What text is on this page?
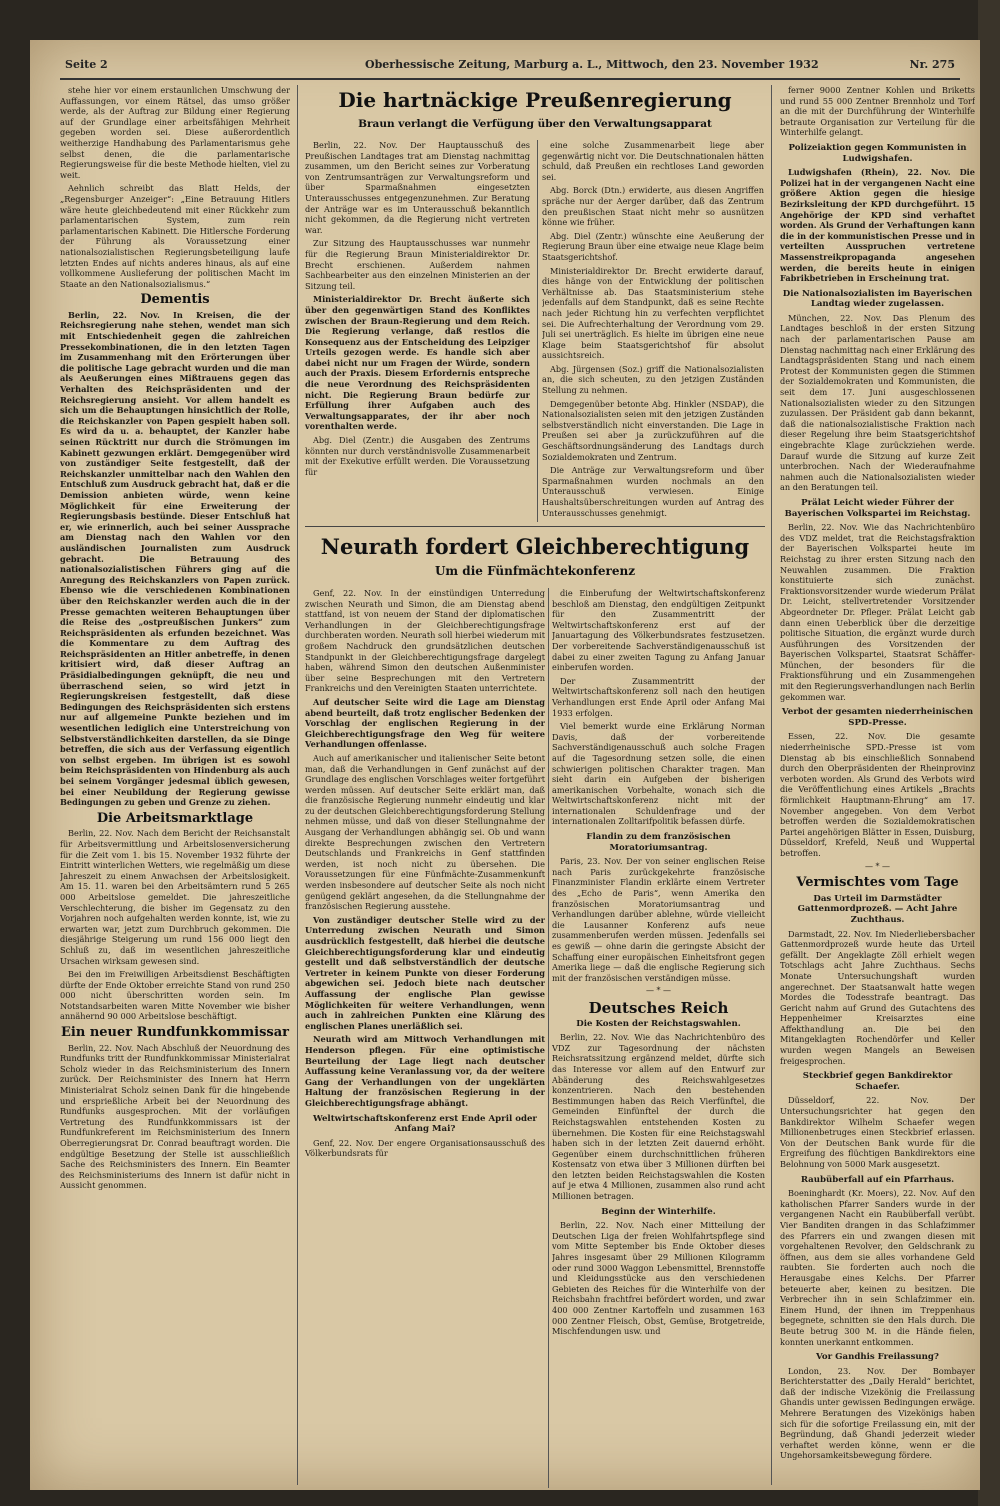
Seite 2	Oberhessische Zeitung, Marburg a. L., Mittwoch, den 23. November 1932	Nr. 275

stehe hier vor einem erstaunlichen Umschwung der Auffassungen, vor einem Rätsel, das umso größer werde, als der Auftrag zur Bildung einer Regierung auf der Grundlage einer arbeitsfähigen Mehrheit gegeben worden sei. Diese außerordentlich weitherzige Handhabung des Parlamentarismus gehe selbst denen, die die parlamentarische Regierungsweise für die beste Methode hielten, viel zu weit.

Aehnlich schreibt das Blatt Helds, der „Regensburger Anzeiger“: „Eine Betrauung Hitlers wäre heute gleichbedeutend mit einer Rückkehr zum parlamentarischen System, zum rein parlamentarischen Kabinett. Die Hitlersche Forderung der Führung als Voraussetzung einer nationalsozialistischen Regierungsbeteiligung laufe letzten Endes auf nichts anderes hinaus, als auf eine vollkommene Auslieferung der politischen Macht im Staate an den Nationalsozialismus.“

Dementis

Berlin, 22. Nov. In Kreisen, die der Reichsregierung nahe stehen, wendet man sich mit Entschiedenheit gegen die zahlreichen Pressekombinationen, die in den letzten Tagen im Zusammenhang mit den Erörterungen über die politische Lage gebracht wurden und die man als Aeußerungen eines Mißtrauens gegen das Verhalten des Reichspräsidenten und der Reichsregierung ansieht. Vor allem handelt es sich um die Behauptungen hinsichtlich der Rolle, die Reichskanzler von Papen gespielt haben soll. Es wird da u. a. behauptet, der Kanzler habe seinen Rücktritt nur durch die Strömungen im Kabinett gezwungen erklärt. Demgegenüber wird von zuständiger Seite festgestellt, daß der Reichskanzler unmittelbar nach den Wahlen den Entschluß zum Ausdruck gebracht hat, daß er die Demission anbieten würde, wenn keine Möglichkeit für eine Erweiterung der Regierungsbasis bestünde. Dieser Entschluß hat er, wie erinnerlich, auch bei seiner Aussprache am Dienstag nach den Wahlen vor den ausländischen Journalisten zum Ausdruck gebracht. Die Betrauung des nationalsozialistischen Führers ging auf die Anregung des Reichskanzlers von Papen zurück. Ebenso wie die verschiedenen Kombinationen über den Reichskanzler werden auch die in der Presse gemachten weiteren Behauptungen über die Reise des „ostpreußischen Junkers“ zum Reichspräsidenten als erfunden bezeichnet. Was die Kommentare zu dem Auftrag des Reichspräsidenten an Hitler anbetreffe, in denen kritisiert wird, daß dieser Auftrag an Präsidialbedingungen geknüpft, die neu und überraschend seien, so wird jetzt in Regierungskreisen festgestellt, daß diese Bedingungen des Reichspräsidenten sich erstens nur auf allgemeine Punkte beziehen und im wesentlichen lediglich eine Unterstreichung von Selbstverständlichkeiten darstellen, da sie Dinge betreffen, die sich aus der Verfassung eigentlich von selbst ergeben. Im übrigen ist es sowohl beim Reichspräsidenten von Hindenburg als auch bei seinem Vorgänger jedesmal üblich gewesen, bei einer Neubildung der Regierung gewisse Bedingungen zu geben und Grenze zu ziehen.

Die Arbeitsmarktlage

Berlin, 22. Nov. Nach dem Bericht der Reichsanstalt für Arbeitsvermittlung und Arbeitslosenversicherung für die Zeit vom 1. bis 15. November 1932 führte der Eintritt winterlichen Wetters, wie regelmäßig um diese Jahreszeit zu einem Anwachsen der Arbeitslosigkeit. Am 15. 11. waren bei den Arbeitsämtern rund 5 265 000 Arbeitslose gemeldet. Die jahreszeitliche Verschlechterung, die bisher im Gegensatz zu den Vorjahren noch aufgehalten werden konnte, ist, wie zu erwarten war, jetzt zum Durchbruch gekommen. Die diesjährige Steigerung um rund 156 000 liegt den Schluß zu, daß im wesentlichen jahreszeitliche Ursachen wirksam gewesen sind.

Bei den im Freiwilligen Arbeitsdienst Beschäftigten dürfte der Ende Oktober erreichte Stand von rund 250 000 nicht überschritten worden sein. Im Notstandsarbeiten waren Mitte November wie bisher annähernd 90 000 Arbeitslose beschäftigt.

Ein neuer Rundfunkkommissar

Berlin, 22. Nov. Nach Abschluß der Neuordnung des Rundfunks tritt der Rundfunkkommissar Ministerialrat Scholz wieder in das Reichsministerium des Innern zurück. Der Reichsminister des Innern hat Herrn Ministerialrat Scholz seinen Dank für die hingebende und ersprießliche Arbeit bei der Neuordnung des Rundfunks ausgesprochen. Mit der vorläufigen Vertretung des Rundfunkkommissars ist der Rundfunkreferent im Reichsministerium des Innern Oberregierungsrat Dr. Conrad beauftragt worden. Die endgültige Besetzung der Stelle ist ausschließlich Sache des Reichsministers des Innern. Ein Beamter des Reichsministeriums des Innern ist dafür nicht in Aussicht genommen.

Die hartnäckige Preußenregierung
Braun verlangt die Verfügung über den Verwaltungsapparat

Berlin, 22. Nov. Der Hauptausschuß des Preußischen Landtages trat am Dienstag nachmittag zusammen, um den Bericht seines zur Vorberatung von Zentrumsanträgen zur Verwaltungsreform und über Sparmaßnahmen eingesetzten Unterausschusses entgegenzunehmen. Zur Beratung der Anträge war es im Unterausschuß bekanntlich nicht gekommen, da die Regierung nicht vertreten war.

Zur Sitzung des Hauptausschusses war nunmehr für die Regierung Braun Ministerialdirektor Dr. Brecht erschienen. Außerdem nahmen Sachbearbeiter aus den einzelnen Ministerien an der Sitzung teil.

Ministerialdirektor Dr. Brecht äußerte sich über den gegenwärtigen Stand des Konfliktes zwischen der Braun-Regierung und dem Reich. Die Regierung verlange, daß restlos die Konsequenz aus der Entscheidung des Leipziger Urteils gezogen werde. Es handle sich aber dabei nicht nur um Fragen der Würde, sondern auch der Praxis. Diesem Erfordernis entspreche die neue Verordnung des Reichspräsidenten nicht. Die Regierung Braun bedürfe zur Erfüllung ihrer Aufgaben auch des Verwaltungsapparates, der ihr aber noch vorenthalten werde.

Abg. Diel (Zentr.) die Ausgaben des Zentrums könnten nur durch verständnisvolle Zusammenarbeit mit der Exekutive erfüllt werden. Die Voraussetzung für

eine solche Zusammenarbeit liege aber gegenwärtig nicht vor. Die Deutschnationalen hätten schuld, daß Preußen ein rechtloses Land geworden sei.

Abg. Borck (Dtn.) erwiderte, aus diesen Angriffen spräche nur der Aerger darüber, daß das Zentrum den preußischen Staat nicht mehr so ausnützen könne wie früher.

Abg. Diel (Zentr.) wünschte eine Aeußerung der Regierung Braun über eine etwaige neue Klage beim Staatsgerichtshof.

Ministerialdirektor Dr. Brecht erwiderte darauf, dies hänge von der Entwicklung der politischen Verhältnisse ab. Das Staatsministerium stehe jedenfalls auf dem Standpunkt, daß es seine Rechte nach jeder Richtung hin zu verfechten verpflichtet sei. Die Aufrechterhaltung der Verordnung vom 29. Juli sei unerträglich. Es hielte im übrigen eine neue Klage beim Staatsgerichtshof für absolut aussichtsreich.

Abg. Jürgensen (Soz.) griff die Nationalsozialisten an, die sich scheuten, zu den jetzigen Zuständen Stellung zu nehmen.

Demgegenüber betonte Abg. Hinkler (NSDAP), die Nationalsozialisten seien mit den jetzigen Zuständen selbstverständlich nicht einverstanden. Die Lage in Preußen sei aber ja zurückzuführen auf die Geschäftsordnungsänderung des Landtags durch Sozialdemokraten und Zentrum.

Die Anträge zur Verwaltungsreform und über Sparmaßnahmen wurden nochmals an den Unterausschuß verwiesen. Einige Haushaltsüberschreitungen wurden auf Antrag des Unterausschusses genehmigt.

Neurath fordert Gleichberechtigung
Um die Fünfmächtekonferenz

Genf, 22. Nov. In der einstündigen Unterredung zwischen Neurath und Simon, die am Dienstag abend stattfand, ist von neuem der Stand der diplomatischen Verhandlungen in der Gleichberechtigungsfrage durchberaten worden. Neurath soll hierbei wiederum mit großem Nachdruck den grundsätzlichen deutschen Standpunkt in der Gleichberechtigungsfrage dargelegt haben, während Simon den deutschen Außenminister über seine Besprechungen mit den Vertretern Frankreichs und den Vereinigten Staaten unterrichtete.

Auf deutscher Seite wird die Lage am Dienstag abend beurteilt, daß trotz englischer Bedenken der Vorschlag der englischen Regierung in der Gleichberechtigungsfrage den Weg für weitere Verhandlungen offenlasse.

Auch auf amerikanischer und italienischer Seite betont man, daß die Verhandlungen in Genf zunächst auf der Grundlage des englischen Vorschlages weiter fortgeführt werden müssen. Auf deutscher Seite erklärt man, daß die französische Regierung nunmehr eindeutig und klar zu der deutschen Gleichberechtigungsforderung Stellung nehmen müsse, und daß von dieser Stellungnahme der Ausgang der Verhandlungen abhängig sei. Ob und wann direkte Besprechungen zwischen den Vertretern Deutschlands und Frankreichs in Genf stattfinden werden, ist noch nicht zu übersehen. Die Voraussetzungen für eine Fünfmächte-Zusammenkunft werden insbesondere auf deutscher Seite als noch nicht genügend geklärt angesehen, da die Stellungnahme der französischen Regierung ausstehe.

Von zuständiger deutscher Stelle wird zu der Unterredung zwischen Neurath und Simon ausdrücklich festgestellt, daß hierbei die deutsche Gleichberechtigungsforderung klar und eindeutig gestellt und daß selbstverständlich der deutsche Vertreter in keinem Punkte von dieser Forderung abgewichen sei. Jedoch biete nach deutscher Auffassung der englische Plan gewisse Möglichkeiten für weitere Verhandlungen, wenn auch in zahlreichen Punkten eine Klärung des englischen Planes unerläßlich sei.

Neurath wird am Mittwoch Verhandlungen mit Henderson pflegen. Für eine optimistische Beurteilung der Lage liegt nach deutscher Auffassung keine Veranlassung vor, da der weitere Gang der Verhandlungen von der ungeklärten Haltung der französischen Regierung in der Gleichberechtigungsfrage abhängt.

Weltwirtschaftskonferenz erst Ende April oder Anfang Mai?

Genf, 22. Nov. Der engere Organisationsausschuß des Völkerbundsrats für

die Einberufung der Weltwirtschaftskonferenz beschloß am Dienstag, den endgültigen Zeitpunkt für den Zusammentritt der Weltwirtschaftskonferenz erst auf der Januartagung des Völkerbundsrates festzusetzen. Der vorbereitende Sachverständigenausschuß ist dabei zu einer zweiten Tagung zu Anfang Januar einberufen worden.

Der Zusammentritt der Weltwirtschaftskonferenz soll nach den heutigen Verhandlungen erst Ende April oder Anfang Mai 1933 erfolgen.

Viel bemerkt wurde eine Erklärung Norman Davis, daß der vorbereitende Sachverständigenausschuß auch solche Fragen auf die Tagesordnung setzen solle, die einen schwierigen politischen Charakter tragen. Man sieht darin ein Aufgeben der bisherigen amerikanischen Vorbehalte, wonach sich die Weltwirtschaftskonferenz nicht mit der internationalen Schuldenfrage und der internationalen Zolltarifpolitik befassen dürfe.

Flandin zu dem französischen Moratoriumsantrag.

Paris, 23. Nov. Der von seiner englischen Reise nach Paris zurückgekehrte französische Finanzminister Flandin erklärte einem Vertreter des „Echo de Paris“, wenn Amerika den französischen Moratoriumsantrag und Verhandlungen darüber ablehne, würde vielleicht die Lausanner Konferenz aufs neue zusammenberufen werden müssen. Jedenfalls sei es gewiß — ohne darin die geringste Absicht der Schaffung einer europäischen Einheitsfront gegen Amerika liege — daß die englische Regierung sich mit der französischen verständigen müsse.

— * —
Deutsches Reich
Die Kosten der Reichstagswahlen.

Berlin, 22. Nov. Wie das Nachrichtenbüro des VDZ zur Tagesordnung der nächsten Reichsratssitzung ergänzend meldet, dürfte sich das Interesse vor allem auf den Entwurf zur Abänderung des Reichswahlgesetzes konzentrieren. Nach den bestehenden Bestimmungen haben das Reich Vierfünftel, die Gemeinden Einfünftel der durch die Reichstagswahlen entstehenden Kosten zu übernehmen. Die Kosten für eine Reichstagswahl haben sich in der letzten Zeit dauernd erhöht. Gegenüber einem durchschnittlichen früheren Kostensatz von etwa über 3 Millionen dürften bei den letzten beiden Reichstagswahlen die Kosten auf je etwa 4 Millionen, zusammen also rund acht Millionen betragen.

Beginn der Winterhilfe.

Berlin, 22. Nov. Nach einer Mitteilung der Deutschen Liga der freien Wohlfahrtspflege sind vom Mitte September bis Ende Oktober dieses Jahres insgesamt über 29 Millionen Kilogramm oder rund 3000 Waggon Lebensmittel, Brennstoffe und Kleidungsstücke aus den verschiedenen Gebieten des Reiches für die Winterhilfe von der Reichsbahn frachtfrei befördert worden, und zwar 400 000 Zentner Kartoffeln und zusammen 163 000 Zentner Fleisch, Obst, Gemüse, Brotgetreide, Mischfendungen usw. und

ferner 9000 Zentner Kohlen und Briketts und rund 55 000 Zentner Brennholz und Torf an die mit der Durchführung der Winterhilfe betraute Organisation zur Verteilung für die Winterhilfe gelangt.

Polizeiaktion gegen Kommunisten in Ludwigshafen.

Ludwigshafen (Rhein), 22. Nov. Die Polizei hat in der vergangenen Nacht eine größere Aktion gegen die hiesige Bezirksleitung der KPD durchgeführt. 15 Angehörige der KPD sind verhaftet worden. Als Grund der Verhaftungen kann die in der kommunistischen Presse und in verteilten Ausspruchen vertretene Massenstreikpropaganda angesehen werden, die bereits heute in einigen Fabrikbetrieben in Erscheinung trat.

Die Nationalsozialisten im Bayerischen Landtag wieder zugelassen.

München, 22. Nov. Das Plenum des Landtages beschloß in der ersten Sitzung nach der parlamentarischen Pause am Dienstag nachmittag nach einer Erklärung des Landtagspräsidenten Stang und nach einem Protest der Kommunisten gegen die Stimmen der Sozialdemokraten und Kommunisten, die seit dem 17. Juni ausgeschlossenen Nationalsozialisten wieder zu den Sitzungen zuzulassen. Der Präsident gab dann bekannt, daß die nationalsozialistische Fraktion nach dieser Regelung ihre beim Staatsgerichtshof eingebrachte Klage zurückziehen werde. Darauf wurde die Sitzung auf kurze Zeit unterbrochen. Nach der Wiederaufnahme nahmen auch die Nationalsozialisten wieder an den Beratungen teil.

Prälat Leicht wieder Führer der Bayerischen Volkspartei im Reichstag.

Berlin, 22. Nov. Wie das Nachrichtenbüro des VDZ meldet, trat die Reichstagsfraktion der Bayerischen Volkspartei heute im Reichstag zu ihrer ersten Sitzung nach den Neuwahlen zusammen. Die Fraktion konstituierte sich zunächst. Fraktionsvorsitzender wurde wiederum Prälat Dr. Leicht, stellvertretender Vorsitzender Abgeordneter Dr. Pfleger. Prälat Leicht gab dann einen Ueberblick über die derzeitige politische Situation, die ergänzt wurde durch Ausführungen des Vorsitzenden der Bayerischen Volkspartei, Staatsrat Schäffer-München, der besonders für die Fraktionsführung und ein Zusammengehen mit den Regierungsverhandlungen nach Berlin gekommen war.

Verbot der gesamten niederrheinischen SPD-Presse.

Essen, 22. Nov. Die gesamte niederrheinische SPD.-Presse ist vom Dienstag ab bis einschließlich Sonnabend durch den Oberpräsidenten der Rheinprovinz verboten worden. Als Grund des Verbots wird die Veröffentlichung eines Artikels „Brachts förmlichkeit Hauptmann-Ehrung“ am 17. November angegeben. Von dem Verbot betroffen werden die Sozialdemokratischen Partei angehörigen Blätter in Essen, Duisburg, Düsseldorf, Krefeld, Neuß und Wuppertal betroffen.

— * —
Vermischtes vom Tage
Das Urteil im Darmstädter Gattenmordprozeß. — Acht Jahre Zuchthaus.

Darmstadt, 22. Nov. Im Niederliebersbacher Gattenmordprozeß wurde heute das Urteil gefällt. Der Angeklagte Zöll erhielt wegen Totschlags acht Jahre Zuchthaus. Sechs Monate Untersuchungshaft wurden angerechnet. Der Staatsanwalt hatte wegen Mordes die Todesstrafe beantragt. Das Gericht nahm auf Grund des Gutachtens des Heppenheimer Kreisarztes eine Affekthandlung an. Die bei den Mitangeklagten Rochendörfer und Keller wurden wegen Mangels an Beweisen freigesprochen.

Steckbrief gegen Bankdirektor Schaefer.

Düsseldorf, 22. Nov. Der Untersuchungsrichter hat gegen den Bankdirektor Wilhelm Schaefer wegen Millionenbetruges einen Steckbrief erlassen. Von der Deutschen Bank wurde für die Ergreifung des flüchtigen Bankdirektors eine Belohnung von 5000 Mark ausgesetzt.

Raubüberfall auf ein Pfarrhaus.

Boeninghardt (Kr. Moers), 22. Nov. Auf den katholischen Pfarrer Sanders wurde in der vergangenen Nacht ein Raubüberfall verübt. Vier Banditen drangen in das Schlafzimmer des Pfarrers ein und zwangen diesen mit vorgehaltenen Revolver, den Geldschrank zu öffnen, aus dem sie alles vorhandene Geld raubten. Sie forderten auch noch die Herausgabe eines Kelchs. Der Pfarrer beteuerte aber, keinen zu besitzen. Die Verbrecher ihn in sein Schlafzimmer ein. Einem Hund, der ihnen im Treppenhaus begegnete, schnitten sie den Hals durch. Die Beute betrug 300 M. in die Hände fielen, konnten unerkannt entkommen.

Vor Gandhis Freilassung?

London, 23. Nov. Der Bombayer Berichterstatter des „Daily Herald“ berichtet, daß der indische Vizekönig die Freilassung Ghandis unter gewissen Bedingungen erwäge. Mehrere Beratungen des Vizekönigs haben sich für die sofortige Freilassung ein, mit der Begründung, daß Ghandi jederzeit wieder verhaftet werden könne, wenn er die Ungehorsamkeitsbewegung fördere.
